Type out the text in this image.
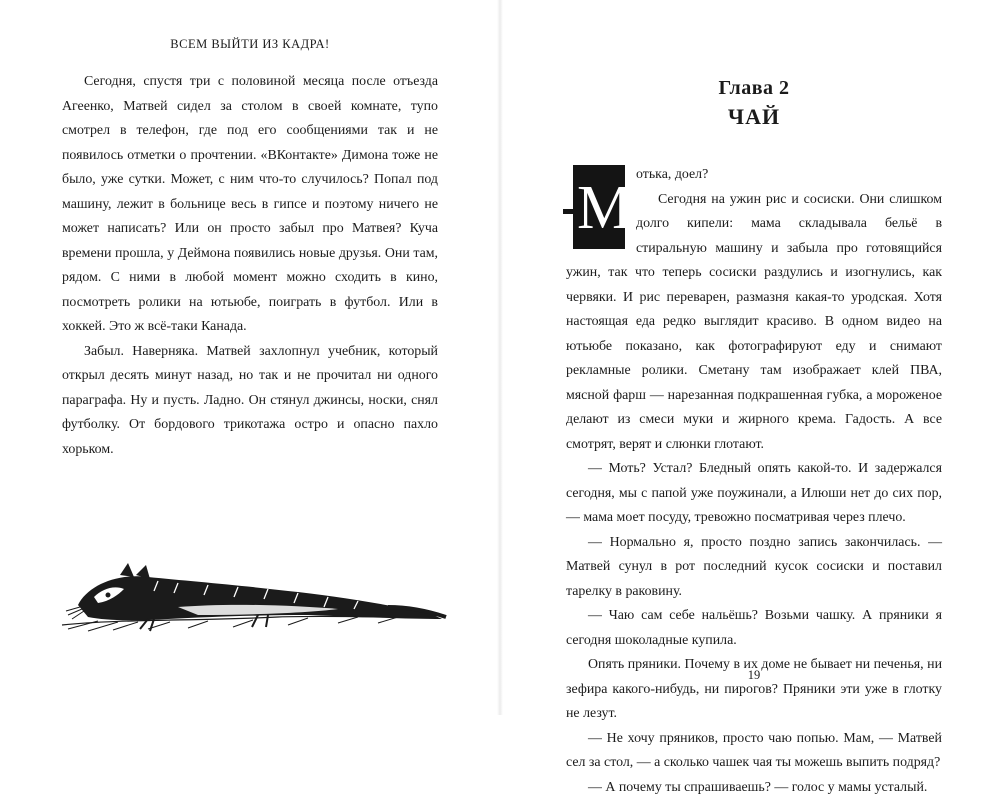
ВСЕМ ВЫЙТИ ИЗ КАДРА!

Сегодня, спустя три с половиной месяца после отъезда Агеенко, Матвей сидел за столом в своей комнате, тупо смотрел в телефон, где под его сообщениями так и не появилось отметки о прочтении. «ВКонтакте» Димона тоже не было, уже сутки. Может, с ним что-то случилось? Попал под машину, лежит в больнице весь в гипсе и поэтому ничего не может написать? Или он просто забыл про Матвея? Куча времени прошла, у Деймона появились новые друзья. Они там, рядом. С ними в любой момент можно сходить в кино, посмотреть ролики на ютьюбе, поиграть в футбол. Или в хоккей. Это ж всё-таки Канада.

Забыл. Наверняка. Матвей захлопнул учебник, который открыл десять минут назад, но так и не прочитал ни одного параграфа. Ну и пусть. Ладно. Он стянул джинсы, носки, снял футболку. От бордового трикотажа остро и опасно пахло хорьком.

Глава 2
ЧАЙ
М отька, доел?

Сегодня на ужин рис и сосиски. Они слишком долго кипели: мама складывала бельё в стиральную машину и забыла про готовящийся ужин, так что теперь сосиски раздулись и изогнулись, как червяки. И рис переварен, размазня какая-то уродская. Хотя настоящая еда редко выглядит красиво. В одном видео на ютьюбе показано, как фотографируют еду и снимают рекламные ролики. Сметану там изображает клей ПВА, мясной фарш — нарезанная подкрашенная губка, а мороженое делают из смеси муки и жирного крема. Гадость. А все смотрят, верят и слюнки глотают.

— Моть? Устал? Бледный опять какой-то. И задержался сегодня, мы с папой уже поужинали, а Илюши нет до сих пор, — мама моет посуду, тревожно посматривая через плечо.

— Нормально я, просто поздно запись закончилась. — Матвей сунул в рот последний кусок сосиски и поставил тарелку в раковину.

— Чаю сам себе нальёшь? Возьми чашку. А пряники я сегодня шоколадные купила.

Опять пряники. Почему в их доме не бывает ни печенья, ни зефира какого-нибудь, ни пирогов? Пряники эти уже в глотку не лезут.

— Не хочу пряников, просто чаю попью. Мам, — Матвей сел за стол, — а сколько чашек чая ты можешь выпить подряд?

— А почему ты спрашиваешь? — голос у мамы усталый.

19
